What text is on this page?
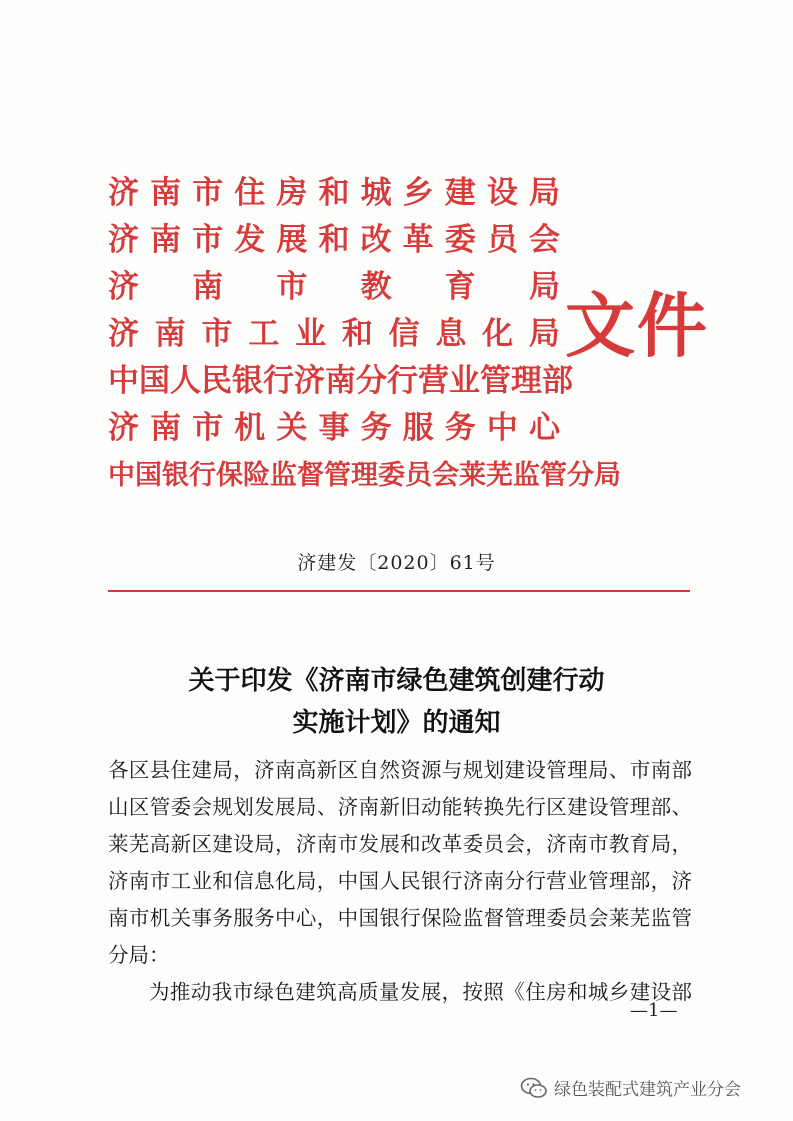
济 南 市 住 房 和 城 乡 建 设 局
济 南 市 发 展 和 改 革 委 员 会
济 南 市 教 育 局
济 南 市 工 业 和 信 息 化 局
中 国 人 民 银 行 济 南 分 行 营 业 管 理 部
济 南 市 机 关 事 务 服 务 中 心
中 国 银 行 保 险 监 督 管 理 委 员 会 莱 芜 监 管 分 局
文件
济建发〔2020〕61号
关于印发《济南市绿色建筑创建行动
实施计划》的通知
各区县住建局，济南高新区自然资源与规划建设管理局、市南部
山区管委会规划发展局、济南新旧动能转换先行区建设管理部、
莱芜高新区建设局，济南市发展和改革委员会，济南市教育局，
济南市工业和信息化局，中国人民银行济南分行营业管理部，济
南市机关事务服务中心，中国银行保险监督管理委员会莱芜监管
分局：
为推动我市绿色建筑高质量发展，按照《住房和城乡建设部
—1—
绿色装配式建筑产业分会
